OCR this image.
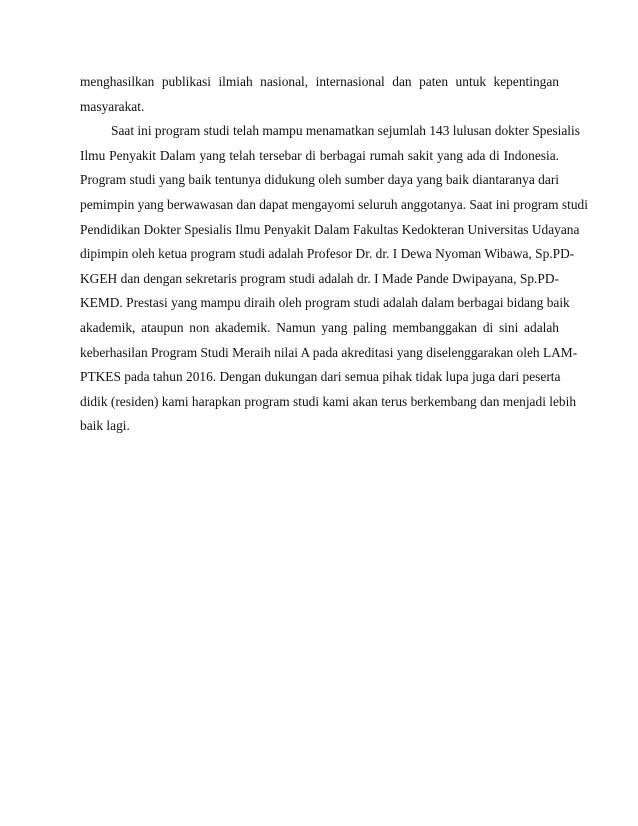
menghasilkan publikasi ilmiah nasional, internasional dan paten untuk kepentingan
masyarakat.
Saat ini program studi telah mampu menamatkan sejumlah 143 lulusan dokter Spesialis
Ilmu Penyakit Dalam yang telah tersebar di berbagai rumah sakit yang ada di Indonesia.
Program studi yang baik tentunya didukung oleh sumber daya yang baik diantaranya dari
pemimpin yang berwawasan dan dapat mengayomi seluruh anggotanya. Saat ini program studi
Pendidikan Dokter Spesialis Ilmu Penyakit Dalam Fakultas Kedokteran Universitas Udayana
dipimpin oleh ketua program studi adalah Profesor Dr. dr. I Dewa Nyoman Wibawa, Sp.PD-
KGEH dan dengan sekretaris program studi adalah dr. I Made Pande Dwipayana, Sp.PD-
KEMD. Prestasi yang mampu diraih oleh program studi adalah dalam berbagai bidang baik
akademik, ataupun non akademik. Namun yang paling membanggakan di sini adalah
keberhasilan Program Studi Meraih nilai A pada akreditasi yang diselenggarakan oleh LAM-
PTKES pada tahun 2016. Dengan dukungan dari semua pihak tidak lupa juga dari peserta
didik (residen) kami harapkan program studi kami akan terus berkembang dan menjadi lebih
baik lagi.
